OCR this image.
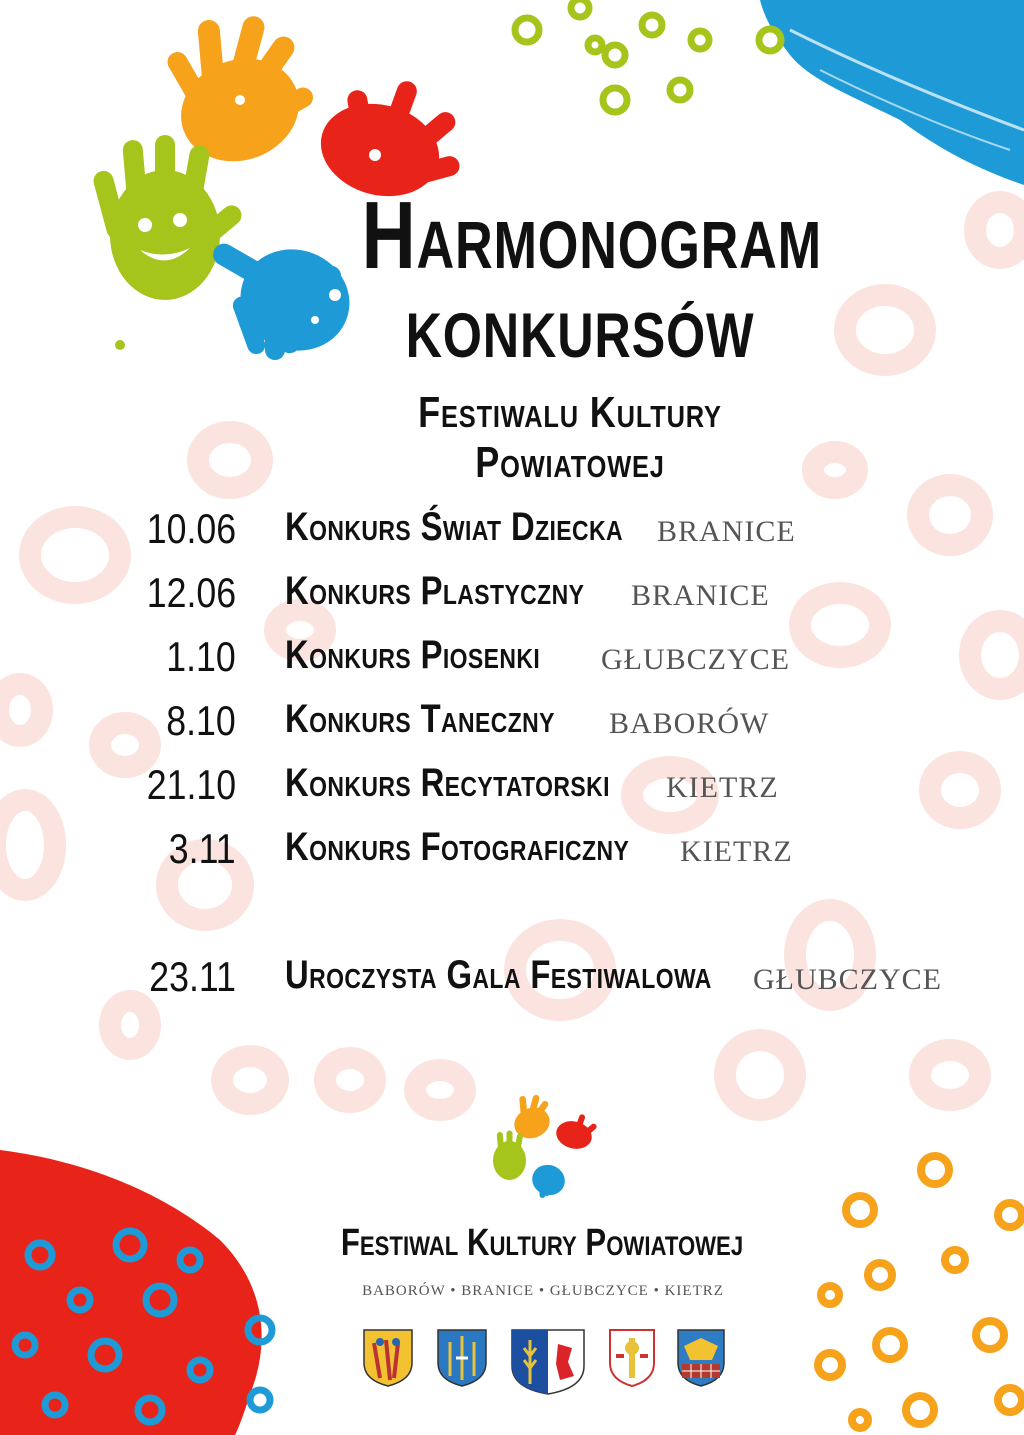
Harmonogram
konkursów
Festiwalu Kultury Powiatowej
10.06 Konkurs Świat Dziecka BRANICE
12.06 Konkurs Plastyczny BRANICE
1.10 Konkurs Piosenki GŁUBCZYCE
8.10 Konkurs Taneczny BABORÓW
21.10 Konkurs Recytatorski KIETRZ
3.11 Konkurs Fotograficzny KIETRZ
23.11 Uroczysta Gala Festiwalowa GŁUBCZYCE
Festiwal Kultury Powiatowej
BABORÓW • BRANICE • GŁUBCZYCE • KIETRZ
